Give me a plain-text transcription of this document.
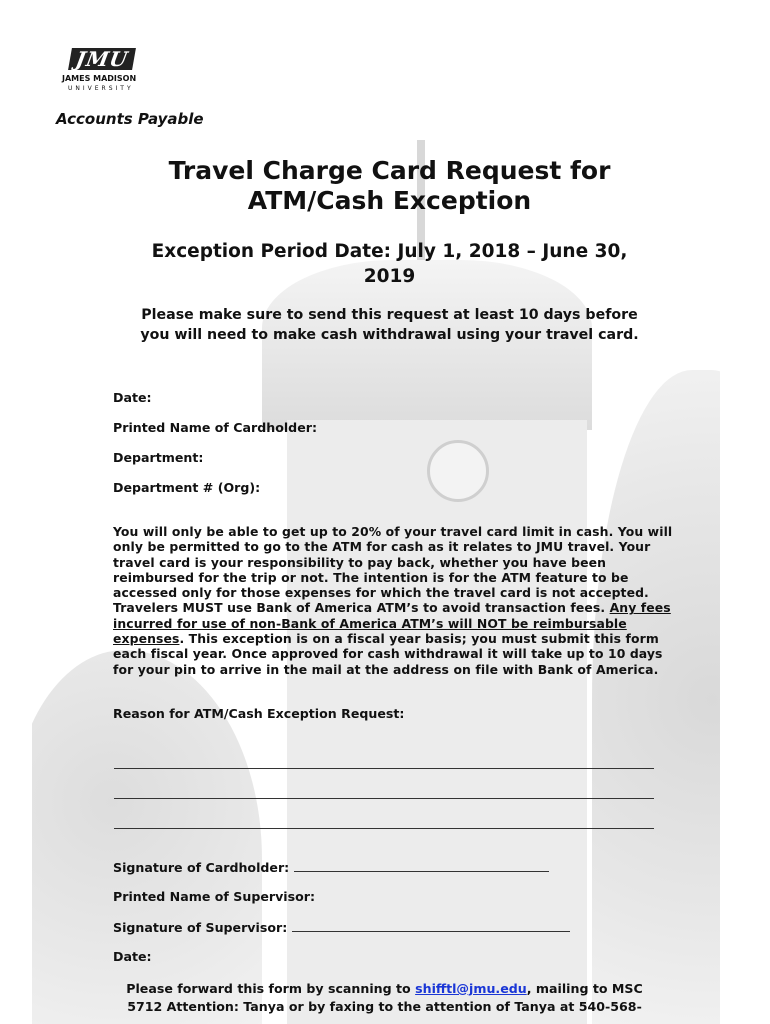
JMU
JAMES MADISON
UNIVERSITY
Accounts Payable
Travel Charge Card Request for
ATM/Cash Exception
Exception Period Date: July 1, 2018 – June 30,
2019
Please make sure to send this request at least 10 days before
you will need to make cash withdrawal using your travel card.
Date:
Printed Name of Cardholder:
Department:
Department # (Org):
You will only be able to get up to 20% of your travel card limit in cash. You will only be permitted to go to the ATM for cash as it relates to JMU travel. Your travel card is your responsibility to pay back, whether you have been reimbursed for the trip or not. The intention is for the ATM feature to be accessed only for those expenses for which the travel card is not accepted. Travelers MUST use Bank of America ATM’s to avoid transaction fees. Any fees incurred for use of non-Bank of America ATM’s will NOT be reimbursable expenses. This exception is on a fiscal year basis; you must submit this form each fiscal year. Once approved for cash withdrawal it will take up to 10 days for your pin to arrive in the mail at the address on file with Bank of America.
Reason for ATM/Cash Exception Request:
Signature of Cardholder:
Printed Name of Supervisor:
Signature of Supervisor:
Date:
Please forward this form by scanning to shifftl@jmu.edu, mailing to MSC
5712 Attention: Tanya or by faxing to the attention of Tanya at 540-568-
